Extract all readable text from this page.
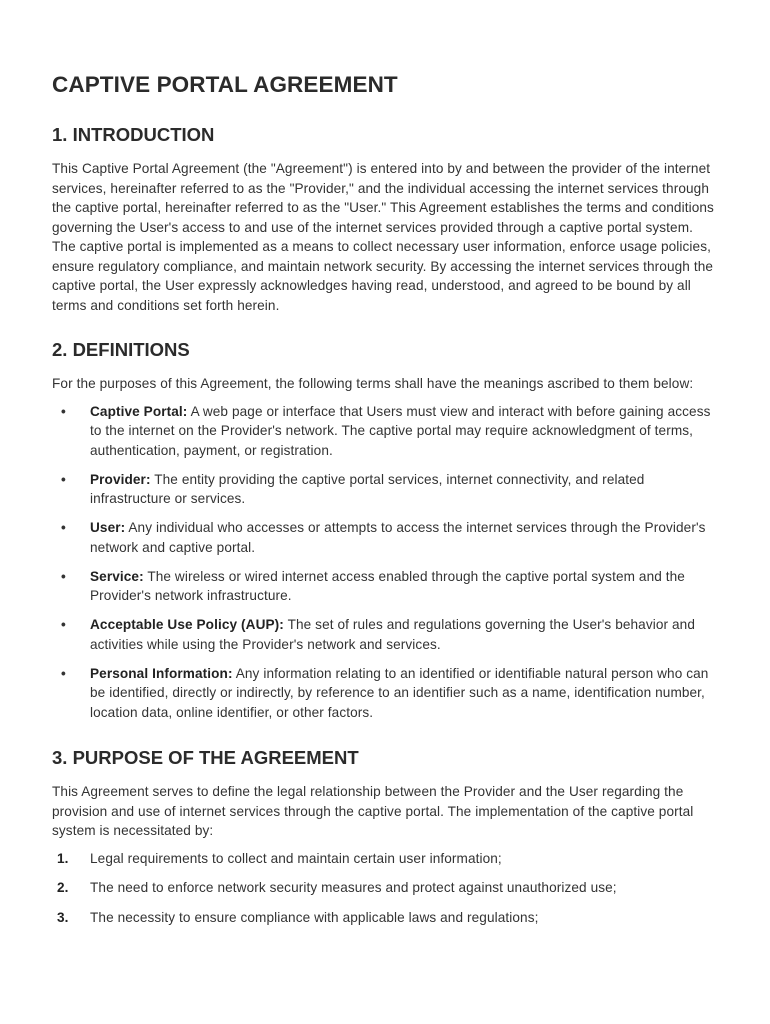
CAPTIVE PORTAL AGREEMENT
1. INTRODUCTION

This Captive Portal Agreement (the "Agreement") is entered into by and between the provider of the internet services, hereinafter referred to as the "Provider," and the individual accessing the internet services through the captive portal, hereinafter referred to as the "User." This Agreement establishes the terms and conditions governing the User's access to and use of the internet services provided through a captive portal system. The captive portal is implemented as a means to collect necessary user information, enforce usage policies, ensure regulatory compliance, and maintain network security. By accessing the internet services through the captive portal, the User expressly acknowledges having read, understood, and agreed to be bound by all terms and conditions set forth herein.

2. DEFINITIONS

For the purposes of this Agreement, the following terms shall have the meanings ascribed to them below:

• Captive Portal: A web page or interface that Users must view and interact with before gaining access to the internet on the Provider's network. The captive portal may require acknowledgment of terms, authentication, payment, or registration.
• Provider: The entity providing the captive portal services, internet connectivity, and related infrastructure or services.
• User: Any individual who accesses or attempts to access the internet services through the Provider's network and captive portal.
• Service: The wireless or wired internet access enabled through the captive portal system and the Provider's network infrastructure.
• Acceptable Use Policy (AUP): The set of rules and regulations governing the User's behavior and activities while using the Provider's network and services.
• Personal Information: Any information relating to an identified or identifiable natural person who can be identified, directly or indirectly, by reference to an identifier such as a name, identification number, location data, online identifier, or other factors.
3. PURPOSE OF THE AGREEMENT

This Agreement serves to define the legal relationship between the Provider and the User regarding the provision and use of internet services through the captive portal. The implementation of the captive portal system is necessitated by:

1. Legal requirements to collect and maintain certain user information;
2. The need to enforce network security measures and protect against unauthorized use;
3. The necessity to ensure compliance with applicable laws and regulations;
